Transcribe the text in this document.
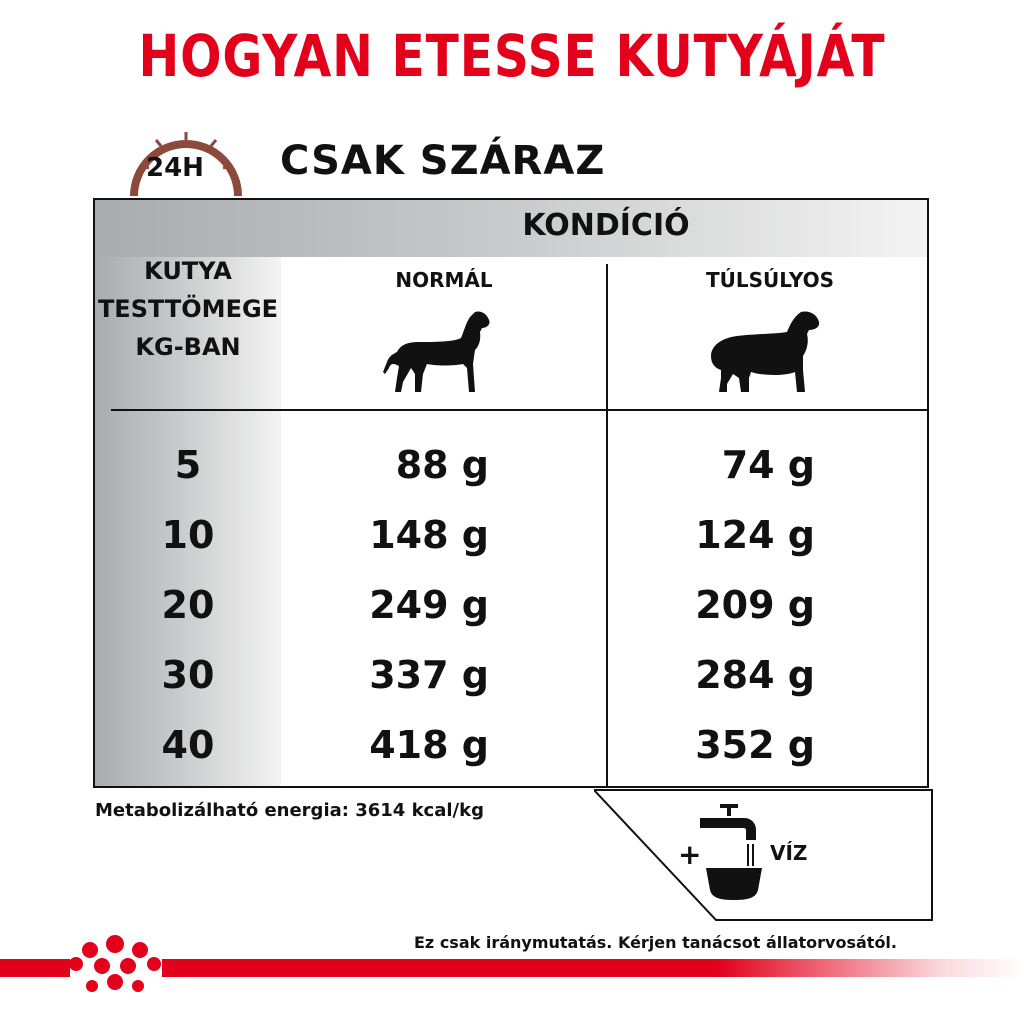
HOGYAN ETESSE KUTYÁJÁT
24H CSAK SZÁRAZ
KONDÍCIÓ
KUTYA
TESTTÖMEGE
KG-BAN
NORMÁL	TÚLSÚLYOS
5	88 g	74 g
10	148 g	124 g
20	249 g	209 g
30	337 g	284 g
40	418 g	352 g
Metabolizálható energia: 3614 kcal/kg
+	VÍZ
Ez csak iránymutatás. Kérjen tanácsot állatorvosától.
